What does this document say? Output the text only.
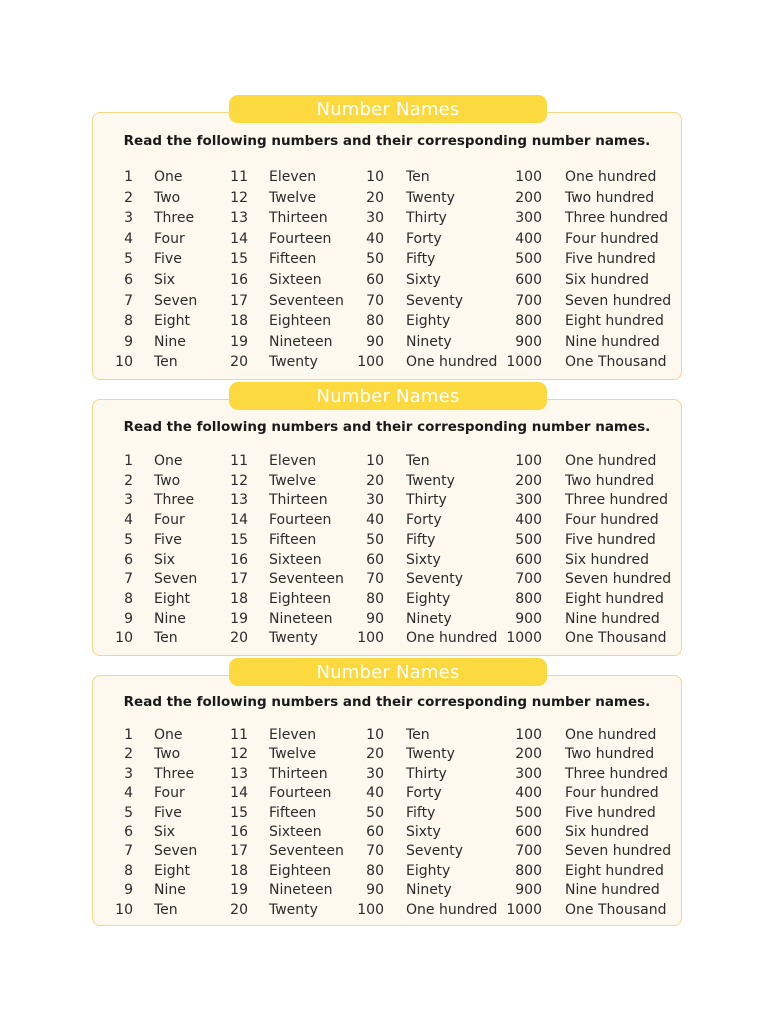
Number Names
Read the following numbers and their corresponding number names.
1 One	11 Eleven	10 Ten	100 One hundred
2 Two	12 Twelve	20 Twenty	200 Two hundred
3 Three	13 Thirteen	30 Thirty	300 Three hundred
4 Four	14 Fourteen 40 Forty	400 Four hundred
5 Five	15 Fifteen	50 Fifty	500 Five hundred
6 Six	16 Sixteen	60 Sixty	600 Six hundred
7 Seven 17 Seventeen 70 Seventy	700 Seven hundred
8 Eight	18 Eighteen	80 Eighty	800 Eight hundred
9 Nine	19 Nineteen 90 Ninety	900 Nine hundred
10 Ten	20 Twenty	100 One hundred 1000 One Thousand
Number Names
Read the following numbers and their corresponding number names.
1 One	11 Eleven	10 Ten	100 One hundred
2 Two	12 Twelve	20 Twenty	200 Two hundred
3 Three	13 Thirteen	30 Thirty	300 Three hundred
4 Four	14 Fourteen 40 Forty	400 Four hundred
5 Five	15 Fifteen	50 Fifty	500 Five hundred
6 Six	16 Sixteen	60 Sixty	600 Six hundred
7 Seven 17 Seventeen 70 Seventy	700 Seven hundred
8 Eight	18 Eighteen	80 Eighty	800 Eight hundred
9 Nine	19 Nineteen 90 Ninety	900 Nine hundred
10 Ten	20 Twenty	100 One hundred 1000 One Thousand
Number Names
Read the following numbers and their corresponding number names.
1 One	11 Eleven	10 Ten	100 One hundred
2 Two	12 Twelve	20 Twenty	200 Two hundred
3 Three	13 Thirteen	30 Thirty	300 Three hundred
4 Four	14 Fourteen 40 Forty	400 Four hundred
5 Five	15 Fifteen	50 Fifty	500 Five hundred
6 Six	16 Sixteen	60 Sixty	600 Six hundred
7 Seven 17 Seventeen 70 Seventy	700 Seven hundred
8 Eight	18 Eighteen	80 Eighty	800 Eight hundred
9 Nine	19 Nineteen 90 Ninety	900 Nine hundred
10 Ten	20 Twenty	100 One hundred 1000 One Thousand
